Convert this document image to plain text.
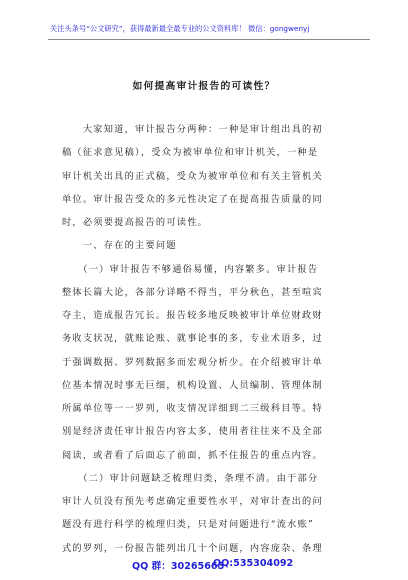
关注头条号“公文研究”，获得最新最全最专业的公文资料库！ 微信：gongwenyj
如何提高审计报告的可读性？
　　大家知道，审计报告分两种：一种是审计组出具的初
稿（征求意见稿），受众为被审单位和审计机关，一种是
审计机关出具的正式稿，受众为被审单位和有关主管机关
单位。审计报告受众的多元性决定了在提高报告质量的同
时，必须要提高报告的可读性。
　　一、存在的主要问题
　　（一）审计报告不够通俗易懂，内容繁多。审计报告
整体长篇大论，各部分详略不得当，平分秋色，甚至喧宾
夺主，造成报告冗长。报告较多地反映被审计单位财政财
务收支状况，就账论账、就事论事的多，专业术语多，过
于强调数据、罗列数据多而宏观分析少。在介绍被审计单
位基本情况时事无巨细，机构设置、人员编制、管理体制
所属单位等一一罗列，收支情况详细到二三级科目等。特
别是经济责任审计报告内容太多，使用者往往来不及全部
阅读，或者看了后面忘了前面，抓不住报告的重点内容。
　　（二）审计问题缺乏梳理归类，条理不清。由于部分
审计人员没有预先考虑确定重要性水平，对审计查出的问
题没有进行科学的梳理归类，只是对问题进行“流水账”
式的罗列，一份报告能列出几十个问题，内容庞杂、条理
QQ 群：30265665
QQ:535304092
